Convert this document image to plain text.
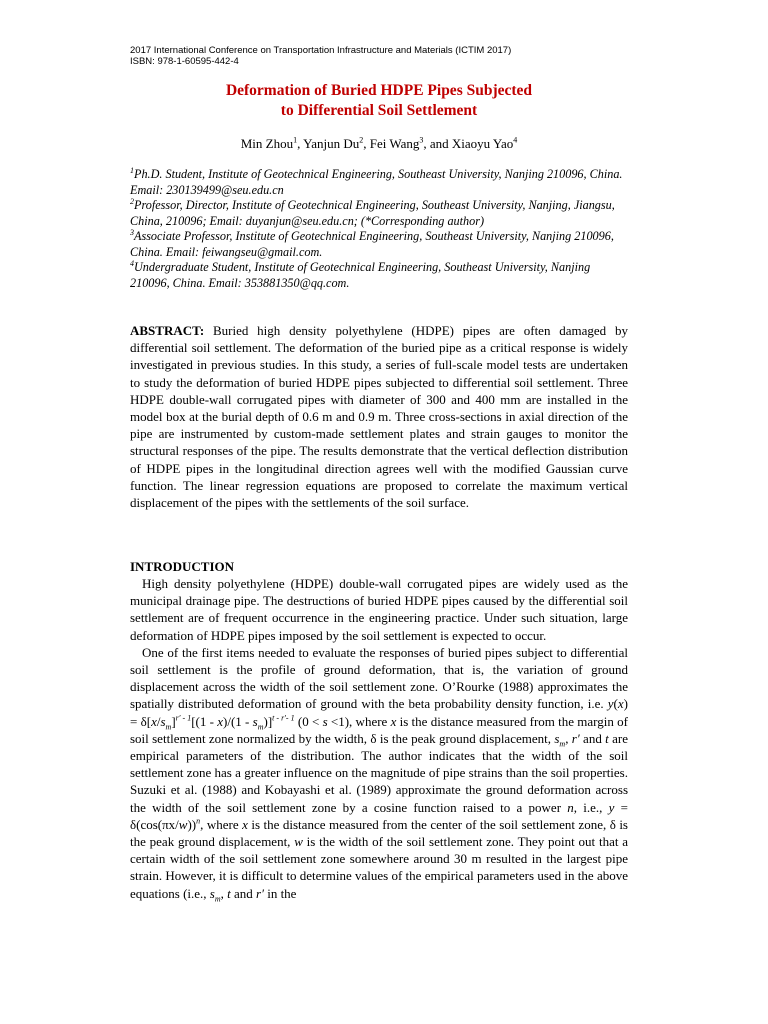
2017 International Conference on Transportation Infrastructure and Materials (ICTIM 2017)
ISBN: 978-1-60595-442-4
Deformation of Buried HDPE Pipes Subjected
to Differential Soil Settlement
Min Zhou$^1$, Yanjun Du$^2$, Fei Wang$^3$, and Xiaoyu Yao$^4$

$^1$Ph.D. Student, Institute of Geotechnical Engineering, Southeast University, Nanjing 210096, China. Email: 230139499@seu.edu.cn

$^2$Professor, Director, Institute of Geotechnical Engineering, Southeast University, Nanjing, Jiangsu, China, 210096; Email: duyanjun@seu.edu.cn; (*Corresponding author)

$^3$Associate Professor, Institute of Geotechnical Engineering, Southeast University, Nanjing 210096, China. Email: feiwangseu@gmail.com.

$^4$Undergraduate Student, Institute of Geotechnical Engineering, Southeast University, Nanjing 210096, China. Email: 353881350@qq.com.

ABSTRACT: Buried high density polyethylene (HDPE) pipes are often damaged by differential soil settlement. The deformation of the buried pipe as a critical response is widely investigated in previous studies. In this study, a series of full-scale model tests are undertaken to study the deformation of buried HDPE pipes subjected to differential soil settlement. Three HDPE double-wall corrugated pipes with diameter of 300 and 400 mm are installed in the model box at the burial depth of 0.6 m and 0.9 m. Three cross-sections in axial direction of the pipe are instrumented by custom-made settlement plates and strain gauges to monitor the structural responses of the pipe. The results demonstrate that the vertical deflection distribution of HDPE pipes in the longitudinal direction agrees well with the modified Gaussian curve function. The linear regression equations are proposed to correlate the maximum vertical displacement of the pipes with the settlements of the soil surface.

INTRODUCTION

High density polyethylene (HDPE) double-wall corrugated pipes are widely used as the municipal drainage pipe. The destructions of buried HDPE pipes caused by the differential soil settlement are of frequent occurrence in the engineering practice. Under such situation, large deformation of HDPE pipes imposed by the soil settlement is expected to occur.

One of the first items needed to evaluate the responses of buried pipes subject to differential soil settlement is the profile of ground deformation, that is, the variation of ground displacement across the width of the soil settlement zone. O’Rourke (1988) approximates the spatially distributed deformation of ground with the beta probability density function, i.e. $y(x) = \delta[x/s_m]^{r' - 1}[(1 - x)/(1 - s_m)]^{t - r'- 1}$ (0 < s <1), where x is the distance measured from the margin of soil settlement zone normalized by the width, δ is the peak ground displacement, $s_m$, r′ and t are empirical parameters of the distribution. The author indicates that the width of the soil settlement zone has a greater influence on the magnitude of pipe strains than the soil properties. Suzuki et al. (1988) and Kobayashi et al. (1989) approximate the ground deformation across the width of the soil settlement zone by a cosine function raised to a power n, i.e., $y = \delta(\cos(\pi x/w))^n$, where x is the distance measured from the center of the soil settlement zone, δ is the peak ground displacement, w is the width of the soil settlement zone. They point out that a certain width of the soil settlement zone somewhere around 30 m resulted in the largest pipe strain. However, it is difficult to determine values of the empirical parameters used in the above equations (i.e., $s_m$, t and r′ in the
